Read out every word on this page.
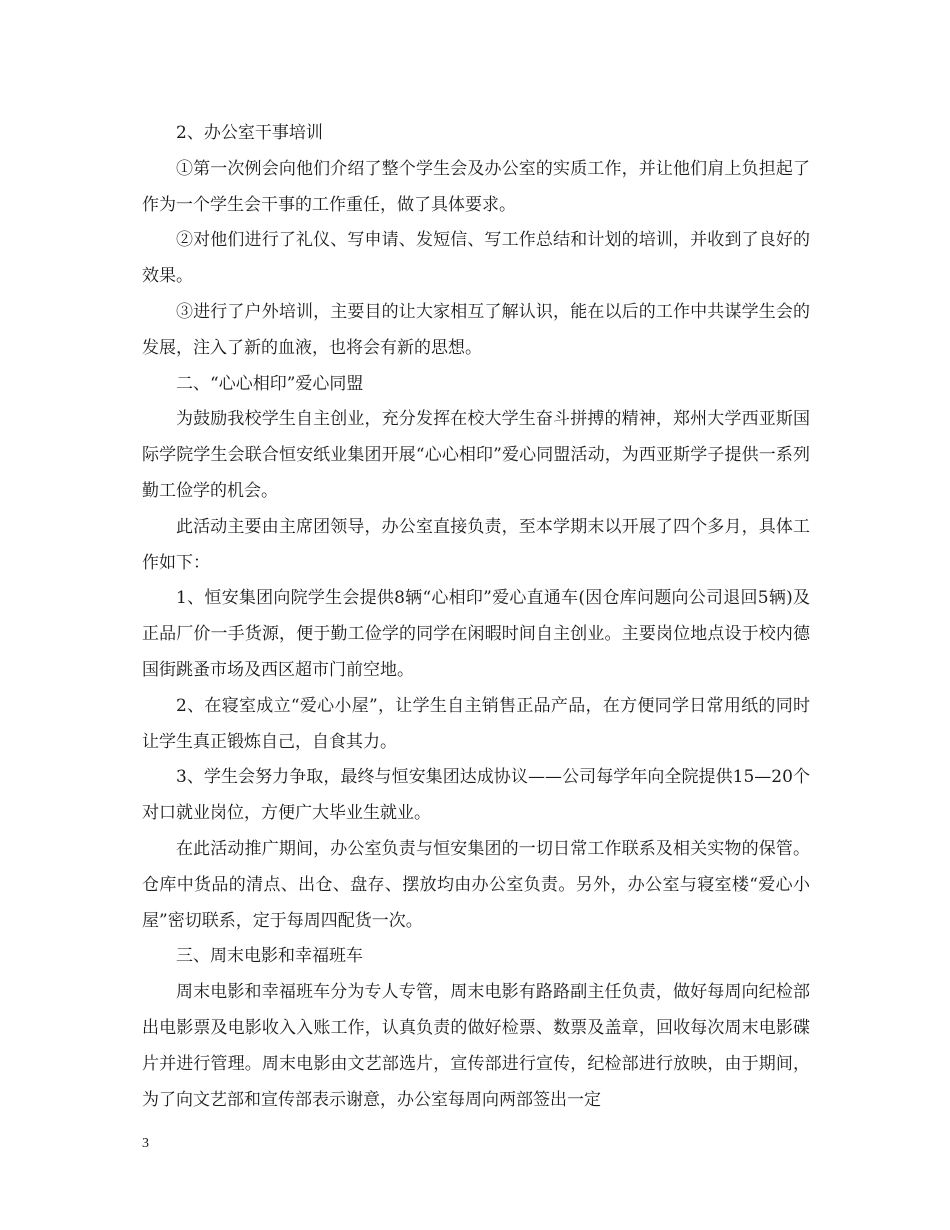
2、办公室干事培训

①第一次例会向他们介绍了整个学生会及办公室的实质工作，并让他们肩上负担起了作为一个学生会干事的工作重任，做了具体要求。

②对他们进行了礼仪、写申请、发短信、写工作总结和计划的培训，并收到了良好的效果。

③进行了户外培训，主要目的让大家相互了解认识，能在以后的工作中共谋学生会的发展，注入了新的血液，也将会有新的思想。

二、“心心相印”爱心同盟

为鼓励我校学生自主创业，充分发挥在校大学生奋斗拼搏的精神，郑州大学西亚斯国际学院学生会联合恒安纸业集团开展“心心相印”爱心同盟活动，为西亚斯学子提供一系列勤工俭学的机会。

此活动主要由主席团领导，办公室直接负责，至本学期末以开展了四个多月，具体工作如下：

1、恒安集团向院学生会提供8辆“心相印”爱心直通车(因仓库问题向公司退回5辆)及正品厂价一手货源，便于勤工俭学的同学在闲暇时间自主创业。主要岗位地点设于校内德国街跳蚤市场及西区超市门前空地。

2、在寝室成立“爱心小屋”，让学生自主销售正品产品，在方便同学日常用纸的同时让学生真正锻炼自己，自食其力。

3、学生会努力争取，最终与恒安集团达成协议——公司每学年向全院提供15—20个对口就业岗位，方便广大毕业生就业。

在此活动推广期间，办公室负责与恒安集团的一切日常工作联系及相关实物的保管。仓库中货品的清点、出仓、盘存、摆放均由办公室负责。另外，办公室与寝室楼“爱心小屋”密切联系，定于每周四配货一次。

三、周末电影和幸福班车

周末电影和幸福班车分为专人专管，周末电影有路路副主任负责，做好每周向纪检部出电影票及电影收入入账工作，认真负责的做好检票、数票及盖章，回收每次周末电影碟片并进行管理。周末电影由文艺部选片，宣传部进行宣传，纪检部进行放映，由于期间，为了向文艺部和宣传部表示谢意，办公室每周向两部签出一定

3
